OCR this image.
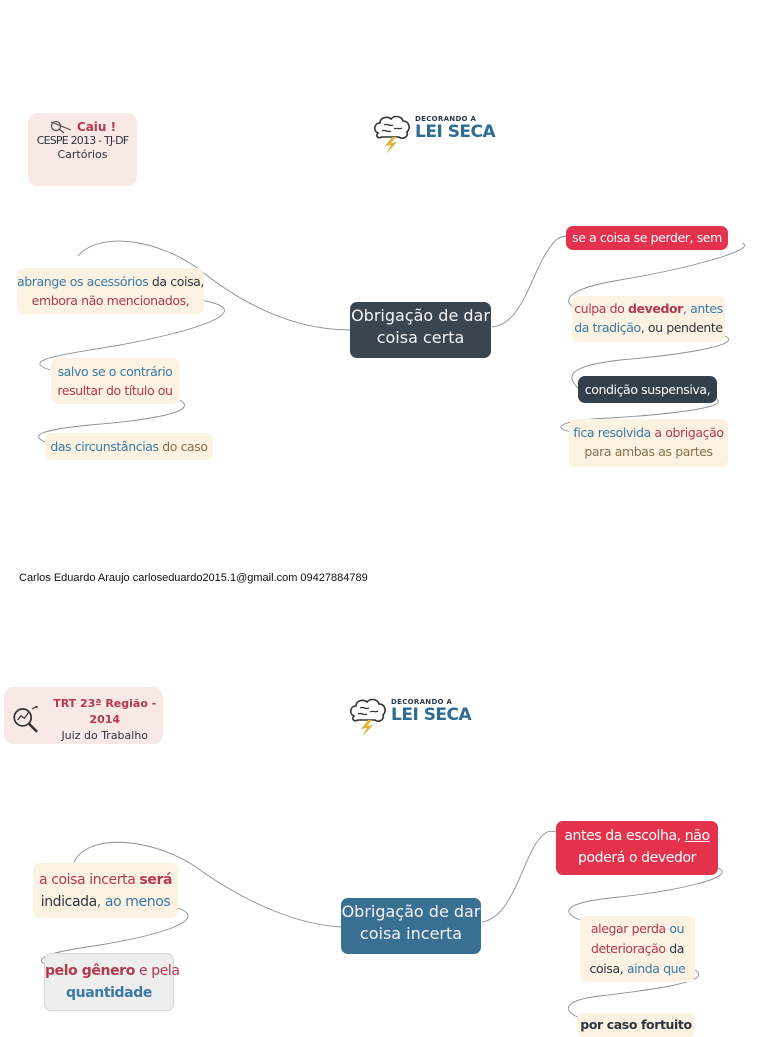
Caiu !
CESPE 2013 - TJ-DF
Cartórios
DECORANDO A
LEI SECA
Obrigação de dar
coisa certa
abrange os acessórios da coisa,
embora não mencionados,
salvo se o contrário
resultar do título ou
das circunstâncias do caso
se a coisa se perder, sem
culpa do devedor, antes
da tradição, ou pendente
condição suspensiva,
fica resolvida a obrigação
para ambas as partes
Carlos Eduardo Araujo carloseduardo2015.1@gmail.com 09427884789
TRT 23ª Região - 2014
Juiz do Trabalho
DECORANDO A
LEI SECA
Obrigação de dar
coisa incerta
a coisa incerta será
indicada, ao menos
pelo gênero e pela
quantidade
antes da escolha, não
poderá o devedor
alegar perda ou
deterioração da
coisa, ainda que
por caso fortuito
